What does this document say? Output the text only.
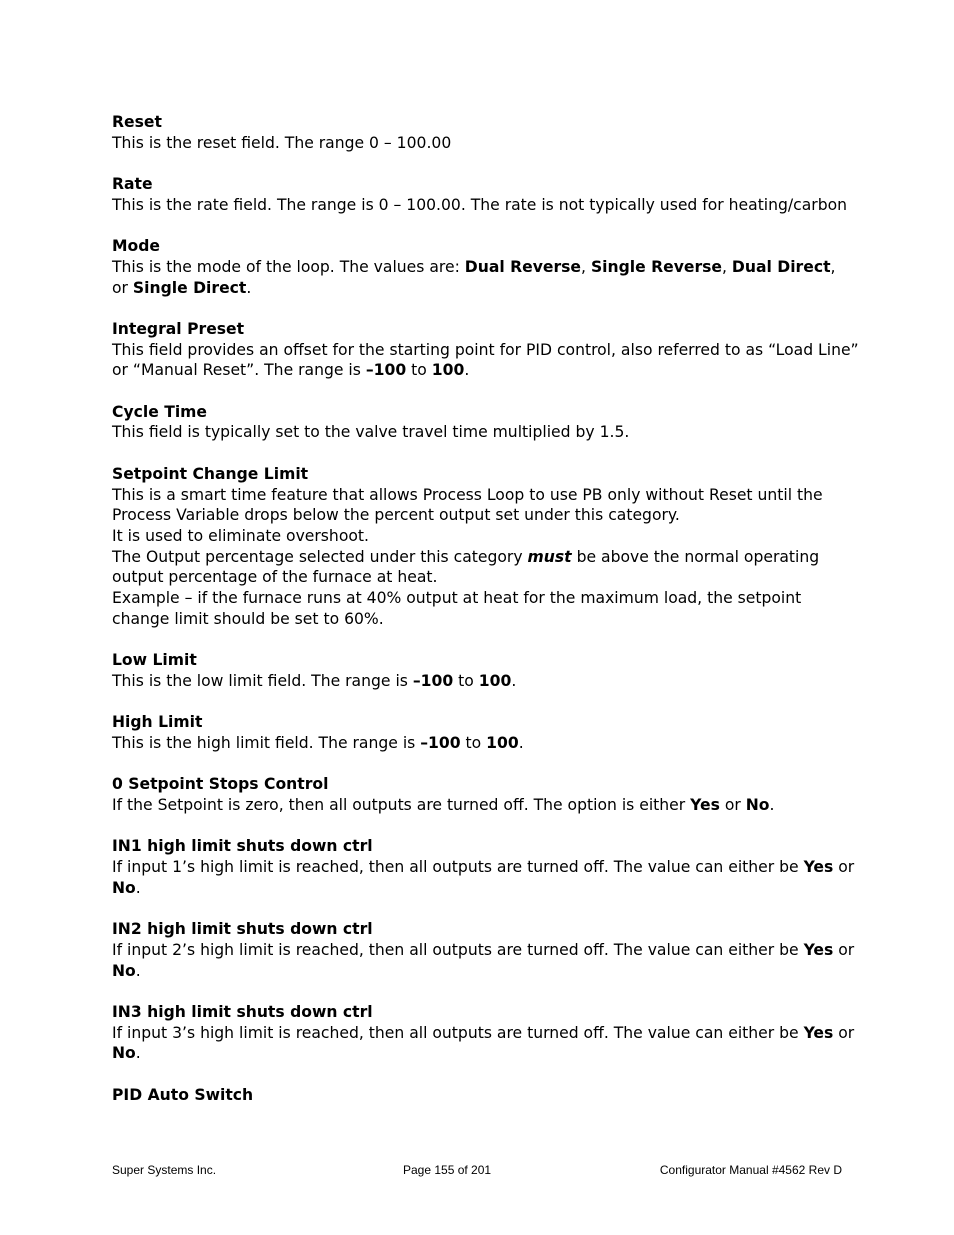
Reset
This is the reset field. The range 0 – 100.00
Rate
This is the rate field. The range is 0 – 100.00. The rate is not typically used for heating/carbon
Mode
This is the mode of the loop. The values are: Dual Reverse, Single Reverse, Dual Direct,
or Single Direct.
Integral Preset
This field provides an offset for the starting point for PID control, also referred to as “Load Line”
or “Manual Reset”. The range is –100 to 100.
Cycle Time
This field is typically set to the valve travel time multiplied by 1.5.
Setpoint Change Limit
This is a smart time feature that allows Process Loop to use PB only without Reset until the
Process Variable drops below the percent output set under this category.
It is used to eliminate overshoot.
The Output percentage selected under this category must be above the normal operating
output percentage of the furnace at heat.
Example – if the furnace runs at 40% output at heat for the maximum load, the setpoint
change limit should be set to 60%.
Low Limit
This is the low limit field. The range is –100 to 100.
High Limit
This is the high limit field. The range is –100 to 100.
0 Setpoint Stops Control
If the Setpoint is zero, then all outputs are turned off. The option is either Yes or No.
IN1 high limit shuts down ctrl
If input 1’s high limit is reached, then all outputs are turned off. The value can either be Yes or
No.
IN2 high limit shuts down ctrl
If input 2’s high limit is reached, then all outputs are turned off. The value can either be Yes or
No.
IN3 high limit shuts down ctrl
If input 3’s high limit is reached, then all outputs are turned off. The value can either be Yes or
No.
PID Auto Switch
Super Systems Inc.	Page 155 of 201	Configurator Manual #4562 Rev D
